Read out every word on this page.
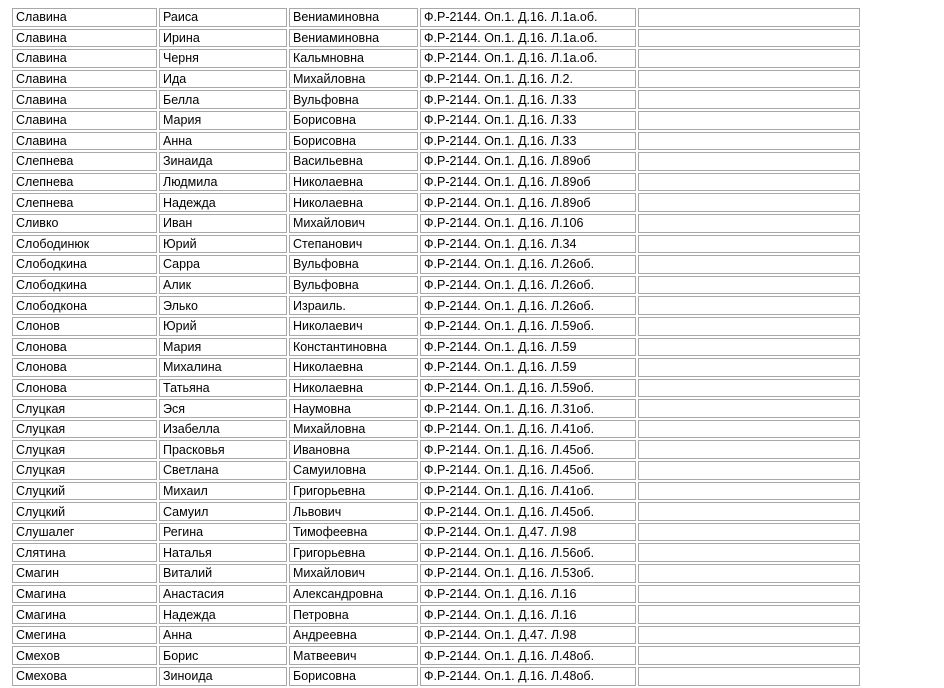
Славина	Раиса	Вениаминовна	Ф.Р-2144. Оп.1. Д.16. Л.1а.об.	
Славина	Ирина	Вениаминовна	Ф.Р-2144. Оп.1. Д.16. Л.1а.об.	
Славина	Черня	Кальмновна	Ф.Р-2144. Оп.1. Д.16. Л.1а.об.	
Славина	Ида	Михайловна	Ф.Р-2144. Оп.1. Д.16. Л.2.	
Славина	Белла	Вульфовна	Ф.Р-2144. Оп.1. Д.16. Л.33	
Славина	Мария	Борисовна	Ф.Р-2144. Оп.1. Д.16. Л.33	
Славина	Анна	Борисовна	Ф.Р-2144. Оп.1. Д.16. Л.33	
Слепнева	Зинаида	Васильевна	Ф.Р-2144. Оп.1. Д.16. Л.89об	
Слепнева	Людмила	Николаевна	Ф.Р-2144. Оп.1. Д.16. Л.89об	
Слепнева	Надежда	Николаевна	Ф.Р-2144. Оп.1. Д.16. Л.89об	
Сливко	Иван	Михайлович	Ф.Р-2144. Оп.1. Д.16. Л.106	
Слободинюк	Юрий	Степанович	Ф.Р-2144. Оп.1. Д.16. Л.34	
Слободкина	Сарра	Вульфовна	Ф.Р-2144. Оп.1. Д.16. Л.26об.	
Слободкина	Алик	Вульфовна	Ф.Р-2144. Оп.1. Д.16. Л.26об.	
Слободкона	Элько	Израиль.	Ф.Р-2144. Оп.1. Д.16. Л.26об.	
Слонов	Юрий	Николаевич	Ф.Р-2144. Оп.1. Д.16. Л.59об.	
Слонова	Мария	Константиновна	Ф.Р-2144. Оп.1. Д.16. Л.59	
Слонова	Михалина	Николаевна	Ф.Р-2144. Оп.1. Д.16. Л.59	
Слонова	Татьяна	Николаевна	Ф.Р-2144. Оп.1. Д.16. Л.59об.	
Слуцкая	Эся	Наумовна	Ф.Р-2144. Оп.1. Д.16. Л.31об.	
Слуцкая	Изабелла	Михайловна	Ф.Р-2144. Оп.1. Д.16. Л.41об.	
Слуцкая	Прасковья	Ивановна	Ф.Р-2144. Оп.1. Д.16. Л.45об.	
Слуцкая	Светлана	Самуиловна	Ф.Р-2144. Оп.1. Д.16. Л.45об.	
Слуцкий	Михаил	Григорьевна	Ф.Р-2144. Оп.1. Д.16. Л.41об.	
Слуцкий	Самуил	Львович	Ф.Р-2144. Оп.1. Д.16. Л.45об.	
Слушалег	Регина	Тимофеевна	Ф.Р-2144. Оп.1. Д.47. Л.98	
Слятина	Наталья	Григорьевна	Ф.Р-2144. Оп.1. Д.16. Л.56об.	
Смагин	Виталий	Михайлович	Ф.Р-2144. Оп.1. Д.16. Л.53об.	
Смагина	Анастасия	Александровна	Ф.Р-2144. Оп.1. Д.16. Л.16	
Смагина	Надежда	Петровна	Ф.Р-2144. Оп.1. Д.16. Л.16	
Смегина	Анна	Андреевна	Ф.Р-2144. Оп.1. Д.47. Л.98	
Смехов	Борис	Матвеевич	Ф.Р-2144. Оп.1. Д.16. Л.48об.	
Смехова	Зиноида	Борисовна	Ф.Р-2144. Оп.1. Д.16. Л.48об.	
